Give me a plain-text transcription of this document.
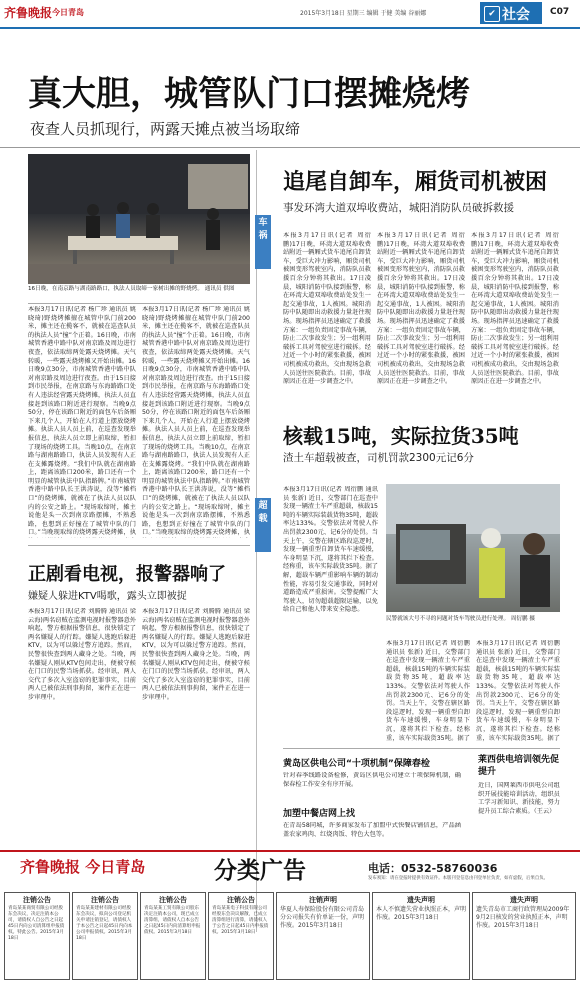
齐鲁晚报 今日青岛	2015年3月18日 星期三 编辑 于健 美编 谷丽娜	✔ 社会 C07
真大胆，城管队门口摆摊烧烤
夜查人员抓现行，两露天摊点被当场取缔
16日晚，在南京路与湖南路路口，执法人员取缔一家树出摊的野烧烤。 通讯员 供图
本报3月17日讯(记者 杨广珍 通讯员 姚晓琦)野烧烤摊擅在城管中队门前200米，摊主还在揽客不，就被在巡查队员的执法人员“撞”个正着。16日晚，市南城管香港中路中队对南京路及周边进行夜查，依法取缔两处露天烧烤摊。天气转暖，一些露天烧烤摊又开始出摊。16日晚9点30分，市南城管香港中路中队对南京路及周边进行夜查。由于15日接到市民举报，在南京路与东海路路口处有人违法经营露天烧烤摊，执法人员直接赶到该路口附近进行现察。当晚9点50分，停在该路口附近的面包车后备厢下来几个人，开始在人行道上摆放烧烤摊。执法人员人员上前，在巡查发现举报信息，执法人员立即上前取缔，暂扣了现场的烧烤工具。当晚10点，在南京路与湖南路路口，执法人员发现有人正在支摊露烧烤。“我们中队就在湖南路上，距离该路口200米，路口还有一个明显的城管执法中队指路牌。”市南城管香港中路中队长王洪涛说，没等“摊档口”的烧烤摊，就被在了执法人员以队内的公安之路上。“现场取缔时，摊主说他是头一次到南京路摆摊，不熟悉路，也想到正好撞在了城管中队的门口。”当晚现取缔的烧烤露天烧烤摊，执
本报3月17日讯(记者 杨广珍 通讯员 姚晓琦)野烧烤摊擅在城管中队门前200米，摊主还在揽客不，就被在巡查队员的执法人员“撞”个正着。16日晚，市南城管香港中路中队对南京路及周边进行夜查，依法取缔两处露天烧烤摊。天气转暖，一些露天烧烤摊又开始出摊。16日晚9点30分，市南城管香港中路中队对南京路及周边进行夜查。由于15日接到市民举报，在南京路与东海路路口处有人违法经营露天烧烤摊，执法人员直接赶到该路口附近进行现察。当晚9点50分，停在该路口附近的面包车后备厢下来几个人，开始在人行道上摆放烧烤摊。执法人员人员上前，在巡查发现举报信息，执法人员立即上前取缔，暂扣了现场的烧烤工具。当晚10点，在南京路与湖南路路口，执法人员发现有人正在支摊露烧烤。“我们中队就在湖南路上，距离该路口200米，路口还有一个明显的城管执法中队指路牌。”市南城管香港中路中队长王洪涛说，没等“摊档口”的烧烤摊，就被在了执法人员以队内的公安之路上。“现场取缔时，摊主说他是头一次到南京路摆摊，不熟悉路，也想到正好撞在了城管中队的门口。”当晚现取缔的烧烤露天烧烤摊，执
车祸
追尾自卸车，厢货司机被困
事发环湾大道双埠收费站，城阳消防队员破拆救援
本报3月17日讯(记者 周衍鹏)17日晚，环湾大道双埠收费站附近一辆厢式货车追尾自卸货车，受巨大冲力影响，厢货司机被困变形驾驶室内，消防队员救援百余分钟将其救出。17日凌晨，城阳消防中队接到报警，称在环湾大道双埠收费站处发生一起交通事故，1人被困。城阳消防中队随即出动救援力量赶往现场。现场指挥员迅速确定了救援方案：一组负责固定事故车辆，防止二次事故发生；另一组利用破拆工具对驾驶室进行破拆。经过近一个小时的紧张救援，被困司机被成功救出，交由现场急救人员送往医院救治。目前，事故原因正在进一步调查之中。
本报3月17日讯(记者 周衍鹏)17日晚，环湾大道双埠收费站附近一辆厢式货车追尾自卸货车，受巨大冲力影响，厢货司机被困变形驾驶室内，消防队员救援百余分钟将其救出。17日凌晨，城阳消防中队接到报警，称在环湾大道双埠收费站处发生一起交通事故，1人被困。城阳消防中队随即出动救援力量赶往现场。现场指挥员迅速确定了救援方案：一组负责固定事故车辆，防止二次事故发生；另一组利用破拆工具对驾驶室进行破拆。经过近一个小时的紧张救援，被困司机被成功救出，交由现场急救人员送往医院救治。目前，事故原因正在进一步调查之中。
本报3月17日讯(记者 周衍鹏)17日晚，环湾大道双埠收费站附近一辆厢式货车追尾自卸货车，受巨大冲力影响，厢货司机被困变形驾驶室内，消防队员救援百余分钟将其救出。17日凌晨，城阳消防中队接到报警，称在环湾大道双埠收费站处发生一起交通事故，1人被困。城阳消防中队随即出动救援力量赶往现场。现场指挥员迅速确定了救援方案：一组负责固定事故车辆，防止二次事故发生；另一组利用破拆工具对驾驶室进行破拆。经过近一个小时的紧张救援，被困司机被成功救出，交由现场急救人员送往医院救治。目前，事故原因正在进一步调查之中。
超载
核载15吨，实际拉货35吨
渣土车超载被查，司机罚款2300元记6分
本报3月17日讯(记者 周衍鹏 通讯员 张新) 近日，交警部门在巡查中发现一辆渣土车严重超载，核载15吨的车辆实际装载货物35吨，超载率达133%。交警依法对驾驶人作出罚款2300元、记6分的处罚。当天上午，交警在辖区路段巡逻时，发现一辆重型自卸货车车速缓慢，车身明显下沉，遂将其拦下检查。经称重，该车实际载货35吨。据了解，超载车辆严重影响车辆的制动性能，容易引发交通事故，同时对道路造成严重损害。交警提醒广大驾驶人，切勿超载超限运输，以免给自己和他人带来安全隐患。
民警就该大号不寻的问题对货车驾驶员进行处理。 周衍鹏 摄
本报3月17日讯(记者 周衍鹏 通讯员 张新) 近日，交警部门在巡查中发现一辆渣土车严重超载，核载15吨的车辆实际装载货物35吨，超载率达133%。交警依法对驾驶人作出罚款2300元、记6分的处罚。当天上午，交警在辖区路段巡逻时，发现一辆重型自卸货车车速缓慢，车身明显下沉，遂将其拦下检查。经称重，该车实际载货35吨。据了
本报3月17日讯(记者 周衍鹏 通讯员 张新) 近日，交警部门在巡查中发现一辆渣土车严重超载，核载15吨的车辆实际装载货物35吨，超载率达133%。交警依法对驾驶人作出罚款2300元、记6分的处罚。当天上午，交警在辖区路段巡逻时，发现一辆重型自卸货车车速缓慢，车身明显下沉，遂将其拦下检查。经称重，该车实际载货35吨。据了
正剧看电视，报警器响了
嫌疑人躲进KTV喝歌，露头立即被捉
本报3月17日讯(记者 刘腾腾 通讯员 梁云海)两名窃贼在监测电视时报警器意外响起，警方根据报警信息，很快锁定了两名嫌疑人的行踪。嫌疑人逃跑后躲进KTV，以为可以躲过警方追踪。然而，民警很快查到两人藏身之处。当晚，两名嫌疑人刚从KTV包间走出，便被守候在门口的民警当场抓获。经审讯，两人交代了多次入室盗窃的犯罪事实，目前两人已被依法刑事拘留，案件正在进一步审理中。
本报3月17日讯(记者 刘腾腾 通讯员 梁云海)两名窃贼在监测电视时报警器意外响起，警方根据报警信息，很快锁定了两名嫌疑人的行踪。嫌疑人逃跑后躲进KTV，以为可以躲过警方追踪。然而，民警很快查到两人藏身之处。当晚，两名嫌疑人刚从KTV包间走出，便被守候在门口的民警当场抓获。经审讯，两人交代了多次入室盗窃的犯罪事实，目前两人已被依法刑事拘留，案件正在进一步审理中。
黄岛区供电公司“十项机制”保障春检
针对春季线路设备检修，黄岛区供电公司建立十项保障机制，确保春检工作安全有序开展。
加塑中餐店网上找
在青岛58同城，许多商家发布了加盟中式快餐店铺信息，产品涵盖农家鸡肉、红烧肉饭、特色大包等。
莱西供电培训领先促提升
近日，国网莱西市供电公司组织开展技能培训活动，组织员工学习新知识、新技能，努力提升员工综合素质。（王云）
齐鲁晚报 今日青岛	分类广告	电话：0532-58760036
发布须知：请在登报时提供有效证件。本版刊登信息由刊登单位负责，如有虚假，后果自负。
注销公告
青岛某某商贸有限公司经股东会决议，决定注销本公司，请债权人自公告之日起45日内向公司清算组申报债权。特此公告。2015年3月18日
注销公告
青岛某某建材有限公司经股东会决议，拟向公司登记机关申请注销登记，请债权人于本公告之日起45日内向本公司申报债权。2015年3月18日
注销公告
青岛某某工贸有限公司股东决定注销本公司，现已成立清算组，请债权人自本公告之日起45日内向清算组申报债权。2015年3月18日
注销公告
青岛某某电子科技有限公司经股东会决议解散，已成立清算组进行清算，请债权人于公告之日起45日内申报债权。2015年3月18日
注销声明
华夏人寿保险股份有限公司青岛分公司报失有价单证一份，声明作废。2015年3月18日
遗失声明
本人不慎遗失营业执照正本，声明作废。2015年3月18日
遗失声明
遗失青岛市工商行政管理局2009年9月2日核发的营业执照正本，声明作废。2015年3月18日
